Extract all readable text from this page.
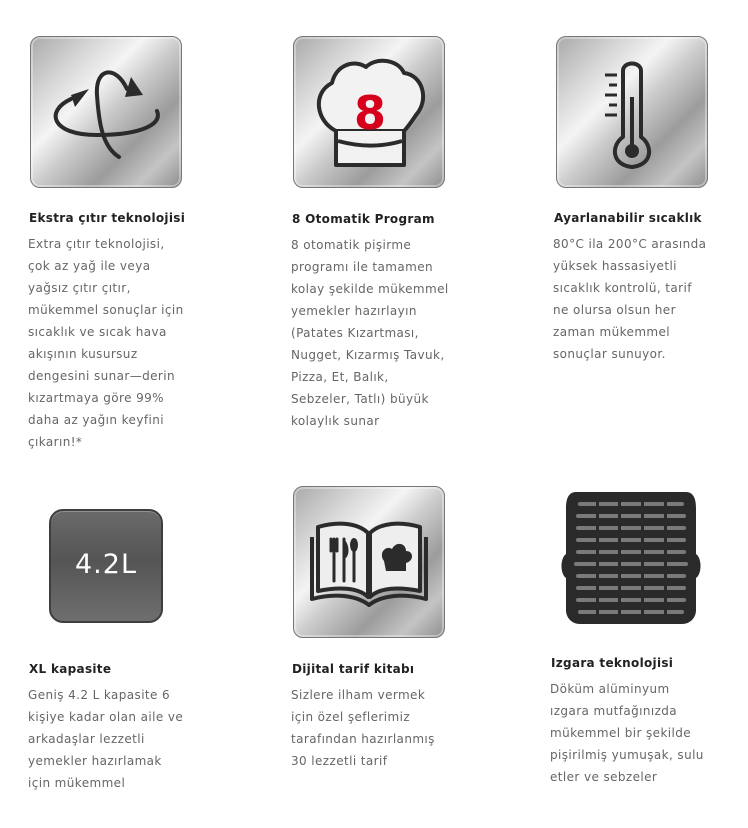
Ekstra çıtır teknolojisi
Extra çıtır teknolojisi,
çok az yağ ile veya
yağsız çıtır çıtır,
mükemmel sonuçlar için
sıcaklık ve sıcak hava
akışının kusursuz
dengesini sunar—derin
kızartmaya göre 99%
daha az yağın keyfini
çıkarın!*
8
8 Otomatik Program
8 otomatik pişirme
programı ile tamamen
kolay şekilde mükemmel
yemekler hazırlayın
(Patates Kızartması,
Nugget, Kızarmış Tavuk,
Pizza, Et, Balık,
Sebzeler, Tatlı) büyük
kolaylık sunar
Ayarlanabilir sıcaklık
80°C ila 200°C arasında
yüksek hassasiyetli
sıcaklık kontrolü, tarif
ne olursa olsun her
zaman mükemmel
sonuçlar sunuyor.
4.2L
XL kapasite
Geniş 4.2 L kapasite 6
kişiye kadar olan aile ve
arkadaşlar lezzetli
yemekler hazırlamak
için mükemmel
Dijital tarif kitabı
Sizlere ilham vermek
için özel şeflerimiz
tarafından hazırlanmış
30 lezzetli tarif
Izgara teknolojisi
Döküm alüminyum
ızgara mutfağınızda
mükemmel bir şekilde
pişirilmiş yumuşak, sulu
etler ve sebzeler
